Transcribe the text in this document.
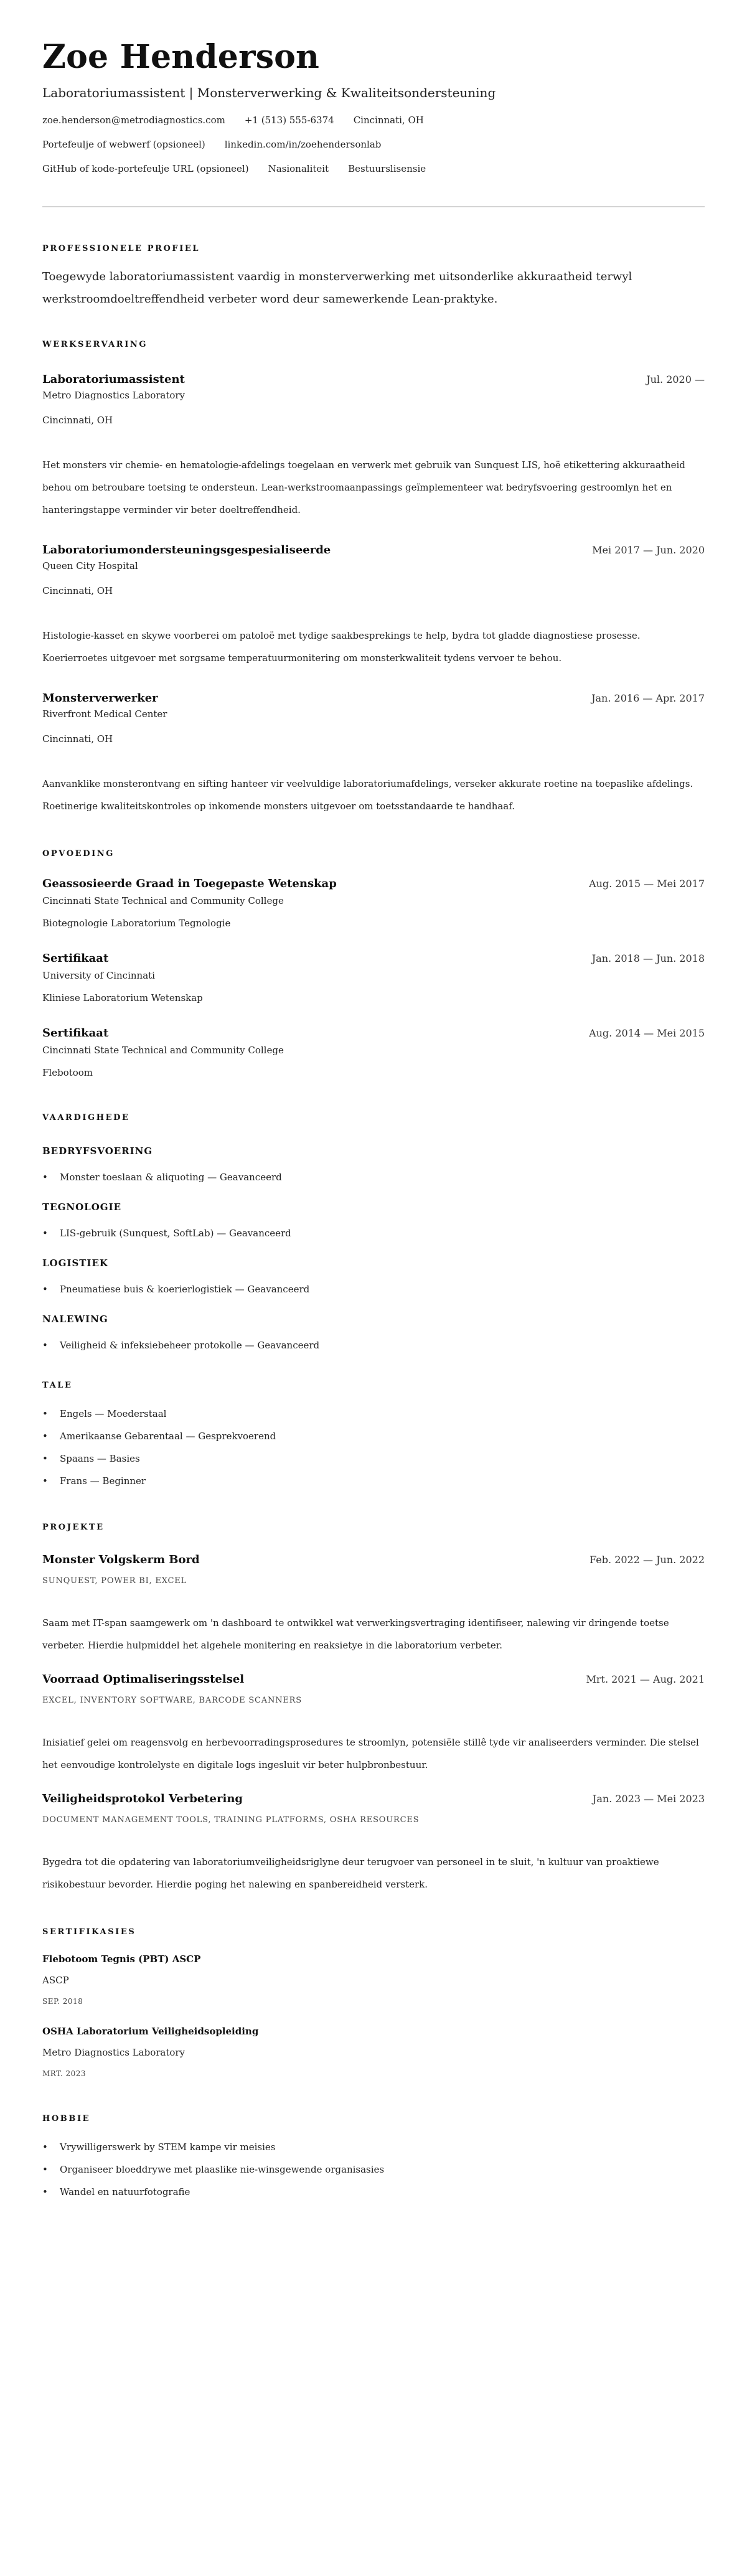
Zoe Henderson
Laboratoriumassistent | Monsterverwerking & Kwaliteitsondersteuning
zoe.henderson@metrodiagnostics.com +1 (513) 555-6374 Cincinnati, OH
Portefeulje of webwerf (opsioneel) linkedin.com/in/zoehendersonlab
GitHub of kode-portefeulje URL (opsioneel) Nasionaliteit Bestuurslisensie
PROFESSIONELE PROFIEL

Toegewyde laboratoriumassistent vaardig in monsterverwerking met uitsonderlike akkuraatheid terwyl werkstroomdoeltreffendheid verbeter word deur samewerkende Lean-praktyke.

WERKSERVARING
Laboratoriumassistent	Jul. 2020 —
Metro Diagnostics Laboratory
Cincinnati, OH

Het monsters vir chemie- en hematologie-afdelings toegelaan en verwerk met gebruik van Sunquest LIS, hoë etikettering akkuraatheid behou om betroubare toetsing te ondersteun. Lean-werkstroomaanpassings geïmplementeer wat bedryfsvoering gestroomlyn het en hanteringstappe verminder vir beter doeltreffendheid.

Laboratoriumondersteuningsgespesialiseerde	Mei 2017 — Jun. 2020
Queen City Hospital
Cincinnati, OH

Histologie-kasset en skywe voorberei om patoloë met tydige saakbesprekings te help, bydra tot gladde diagnostiese prosesse. Koerierroetes uitgevoer met sorgsame temperatuurmonitering om monsterkwaliteit tydens vervoer te behou.

Monsterverwerker	Jan. 2016 — Apr. 2017
Riverfront Medical Center
Cincinnati, OH

Aanvanklike monsterontvang en sifting hanteer vir veelvuldige laboratoriumafdelings, verseker akkurate roetine na toepaslike afdelings. Roetinerige kwaliteitskontroles op inkomende monsters uitgevoer om toetsstandaarde te handhaaf.

OPVOEDING
Geassosieerde Graad in Toegepaste Wetenskap	Aug. 2015 — Mei 2017
Cincinnati State Technical and Community College
Biotegnologie Laboratorium Tegnologie
Sertifikaat	Jan. 2018 — Jun. 2018
University of Cincinnati
Kliniese Laboratorium Wetenskap
Sertifikaat	Aug. 2014 — Mei 2015
Cincinnati State Technical and Community College
Flebotoom
VAARDIGHEDE
BEDRYFSVOERING
• Monster toeslaan & aliquoting — Geavanceerd
TEGNOLOGIE
• LIS-gebruik (Sunquest, SoftLab) — Geavanceerd
LOGISTIEK
• Pneumatiese buis & koerierlogistiek — Geavanceerd
NALEWING
• Veiligheid & infeksiebeheer protokolle — Geavanceerd
TALE
• Engels — Moederstaal
• Amerikaanse Gebarentaal — Gesprekvoerend
• Spaans — Basies
• Frans — Beginner
PROJEKTE
Monster Volgskerm Bord	Feb. 2022 — Jun. 2022
SUNQUEST, POWER BI, EXCEL

Saam met IT-span saamgewerk om 'n dashboard te ontwikkel wat verwerkingsvertraging identifiseer, nalewing vir dringende toetse verbeter. Hierdie hulpmiddel het algehele monitering en reaksietye in die laboratorium verbeter.

Voorraad Optimaliseringsstelsel	Mrt. 2021 — Aug. 2021
EXCEL, INVENTORY SOFTWARE, BARCODE SCANNERS

Inisiatief gelei om reagensvolg en herbevoorradingsprosedures te stroomlyn, potensiële stillê tyde vir analiseerders verminder. Die stelsel het eenvoudige kontrolelyste en digitale logs ingesluit vir beter hulpbronbestuur.

Veiligheidsprotokol Verbetering	Jan. 2023 — Mei 2023
DOCUMENT MANAGEMENT TOOLS, TRAINING PLATFORMS, OSHA RESOURCES

Bygedra tot die opdatering van laboratoriumveiligheidsriglyne deur terugvoer van personeel in te sluit, 'n kultuur van proaktiewe risikobestuur bevorder. Hierdie poging het nalewing en spanbereidheid versterk.

SERTIFIKASIES
Flebotoom Tegnis (PBT) ASCP
ASCP
SEP. 2018
OSHA Laboratorium Veiligheidsopleiding
Metro Diagnostics Laboratory
MRT. 2023
HOBBIE
• Vrywilligerswerk by STEM kampe vir meisies
• Organiseer bloeddrywe met plaaslike nie-winsgewende organisasies
• Wandel en natuurfotografie
